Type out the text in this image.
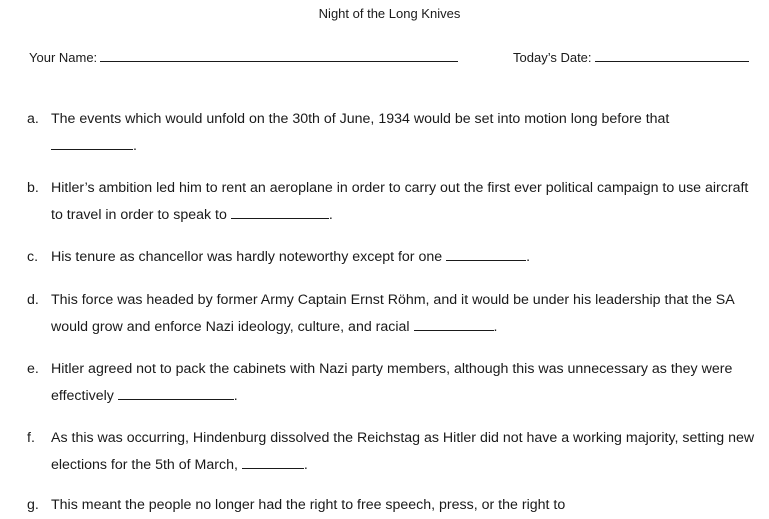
Night of the Long Knives
Your Name:	Today’s Date:
a. The events which would unfold on the 30th of June, 1934 would be set into motion long before that
.
b. Hitler’s ambition led him to rent an aeroplane in order to carry out the first ever political campaign to use aircraft to travel in order to speak to	.
c. His tenure as chancellor was hardly noteworthy except for one	.
d. This force was headed by former Army Captain Ernst Röhm, and it would be under his leadership that the SA would grow and enforce Nazi ideology, culture, and racial	.
e. Hitler agreed not to pack the cabinets with Nazi party members, although this was unnecessary as they were effectively	.
f. As this was occurring, Hindenburg dissolved the Reichstag as Hitler did not have a working majority, setting new elections for the 5th of March,	.
g. This meant the people no longer had the right to free speech, press, or the right to
